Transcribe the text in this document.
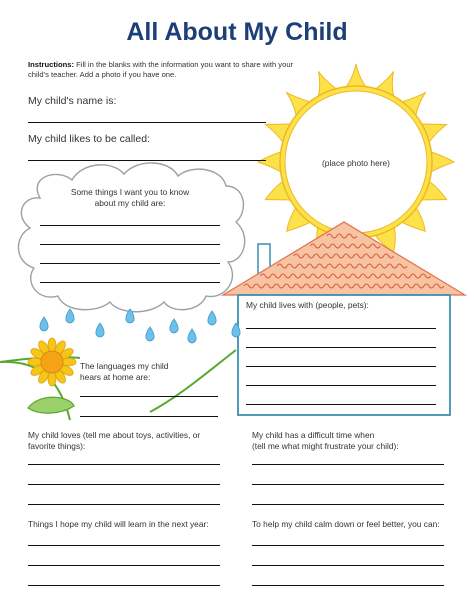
All About My Child
Instructions: Fill in the blanks with the information you want to share with your child's teacher. Add a photo if you have one.
My child's name is:
My child likes to be called:
(place photo here)
Some things I want you to know
about my child are:
My child lives with (people, pets):
The languages my child
hears at home are:
My child loves (tell me about toys, activities, or
favorite things):
My child has a difficult time when
(tell me what might frustrate your child):
Things I hope my child will learn in the next year:	To help my child calm down or feel better, you can:
